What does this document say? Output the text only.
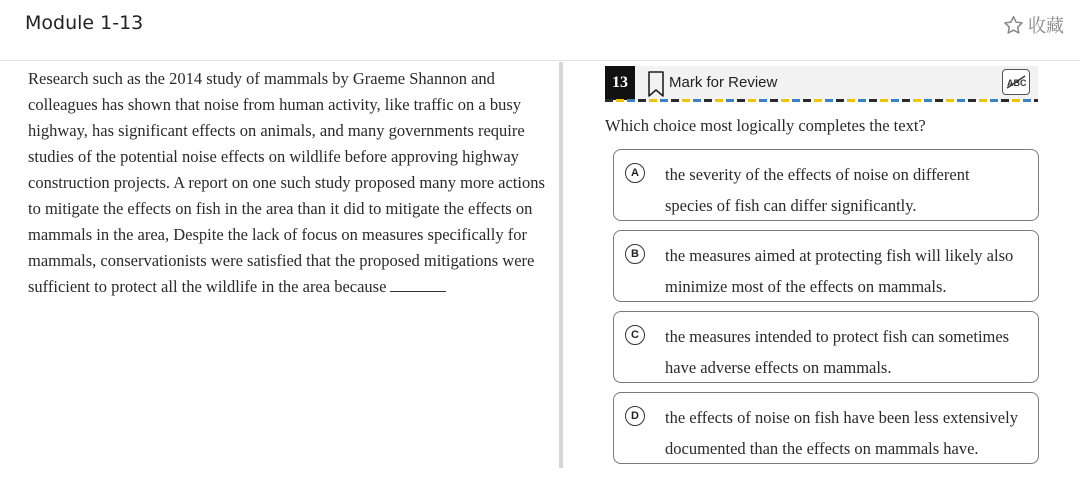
Module 1-13	收藏
Research such as the 2014 study of mammals by Graeme Shannon and colleagues has shown that noise from human activity, like traffic on a busy highway, has significant effects on animals, and many governments require studies of the potential noise effects on wildlife before approving highway construction projects. A report on one such study proposed many more actions to mitigate the effects on fish in the area than it did to mitigate the effects on mammals in the area, Despite the lack of focus on measures specifically for mammals, conservationists were satisfied that the proposed mitigations were sufficient to protect all the wildlife in the area because
13	Mark for Review	ABC
Which choice most logically completes the text?
A	the severity of the effects of noise on different
species of fish can differ significantly.
B	the measures aimed at protecting fish will likely also
minimize most of the effects on mammals.
C	the measures intended to protect fish can sometimes
have adverse effects on mammals.
D	the effects of noise on fish have been less extensively
documented than the effects on mammals have.
